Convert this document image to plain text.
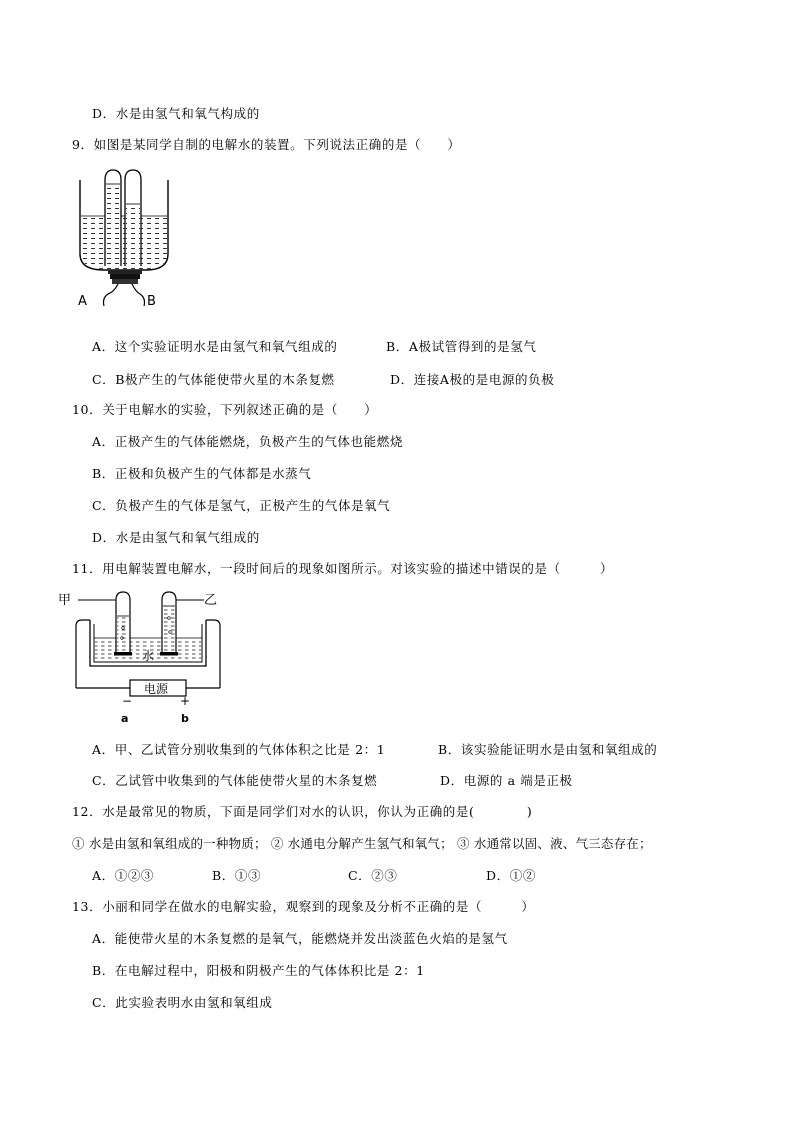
D．水是由氢气和氧气构成的
9．如图是某同学自制的电解水的装置。下列说法正确的是（　　）
A	B
A．这个实验证明水是由氢气和氧气组成的	B．A极试管得到的是氢气
C．B极产生的气体能使带火星的木条复燃	D．连接A极的是电源的负极
10．关于电解水的实验，下列叙述正确的是（　　）
A．正极产生的气体能燃烧，负极产生的气体也能燃烧
B．正极和负极产生的气体都是水蒸气
C．负极产生的气体是氢气，正极产生的气体是氧气
D．水是由氢气和氧气组成的
11．用电解装置电解水，一段时间后的现象如图所示。对该实验的描述中错误的是（　　　）
甲	乙
水
电源
−	+
a	b
A．甲、乙试管分别收集到的气体体积之比是 2：1	B．该实验能证明水是由氢和氧组成的
C．乙试管中收集到的气体能使带火星的木条复燃	D．电源的 a 端是正极
12．水是最常见的物质，下面是同学们对水的认识，你认为正确的是(　　　　)
① 水是由氢和氧组成的一种物质； ② 水通电分解产生氢气和氧气； ③ 水通常以固、液、气三态存在；
A．①②③	B．①③	C．②③	D．①②
13．小丽和同学在做水的电解实验，观察到的现象及分析不正确的是（　　　）
A．能使带火星的木条复燃的是氧气，能燃烧并发出淡蓝色火焰的是氢气
B．在电解过程中，阳极和阴极产生的气体体积比是 2：1
C．此实验表明水由氢和氧组成
